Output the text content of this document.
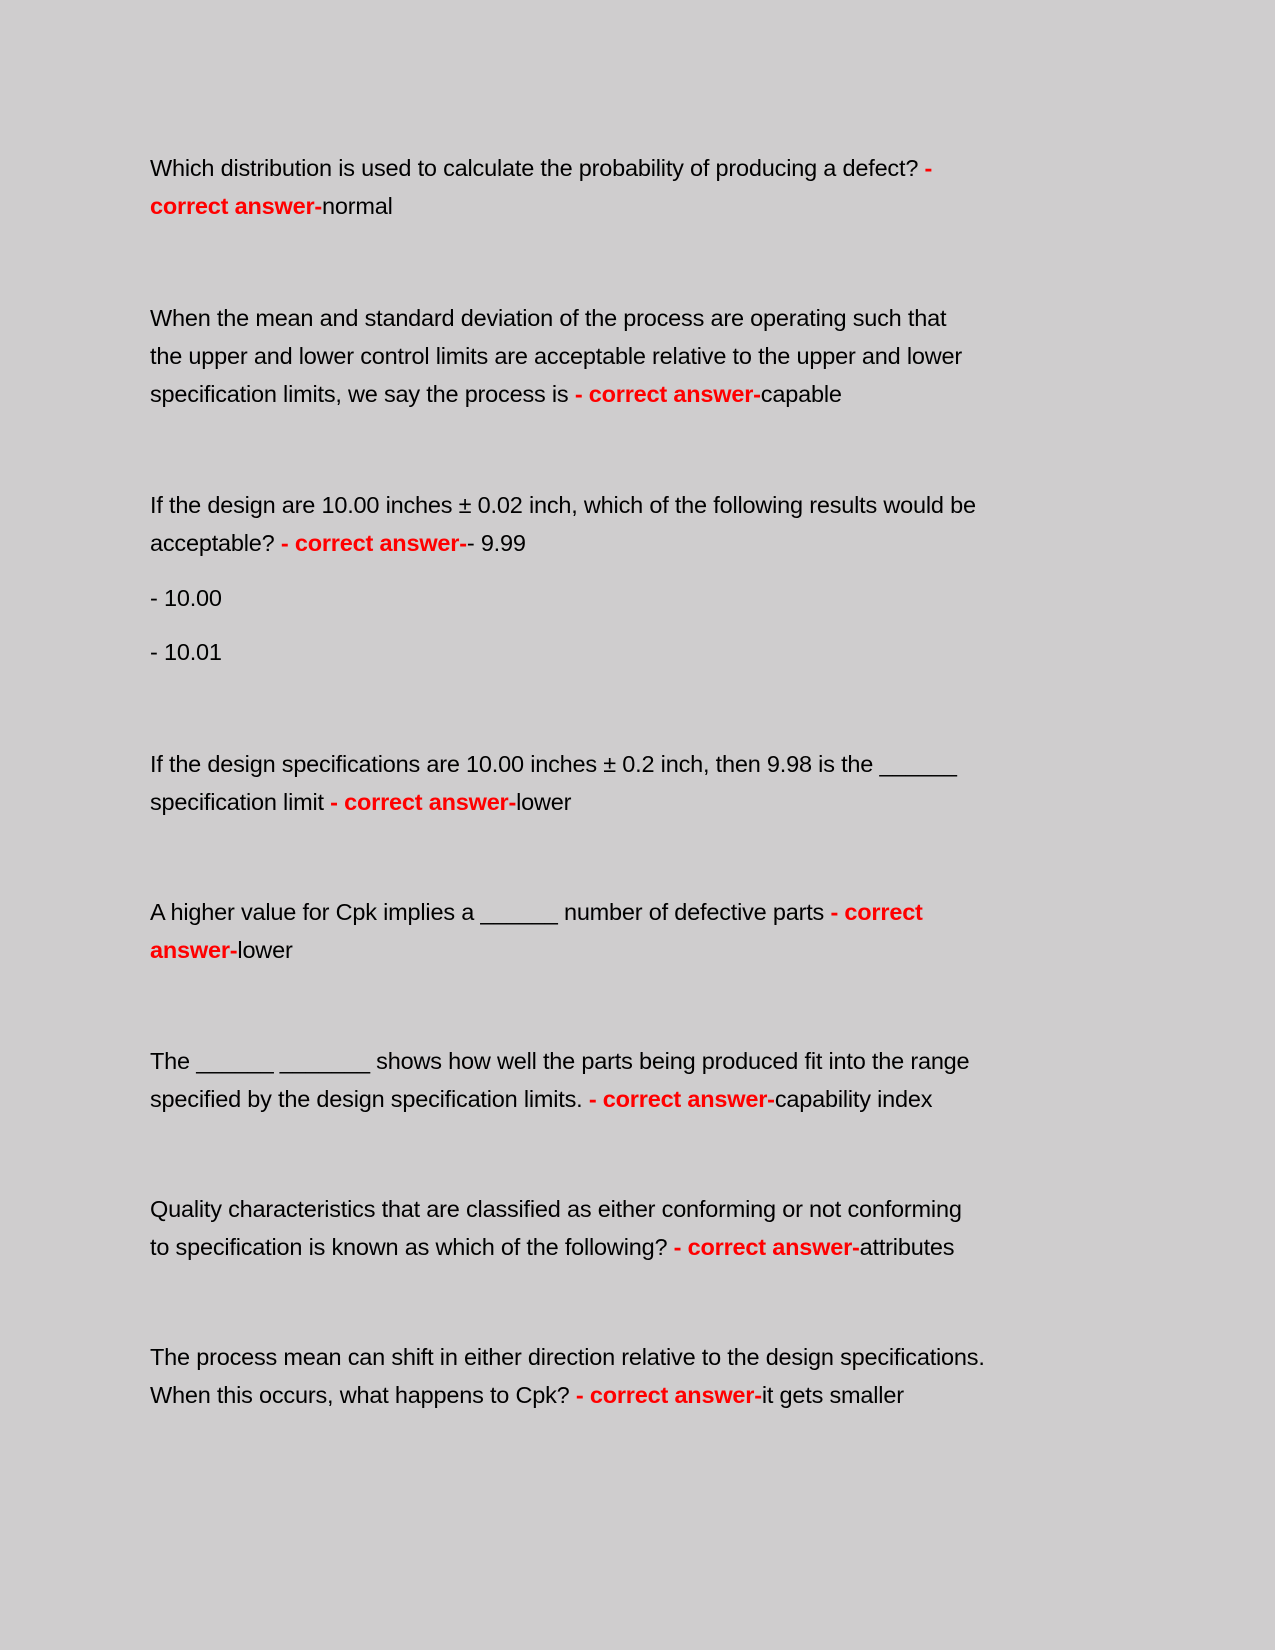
Which distribution is used to calculate the probability of producing a defect? -
correct answer-normal
When the mean and standard deviation of the process are operating such that
the upper and lower control limits are acceptable relative to the upper and lower
specification limits, we say the process is - correct answer-capable
If the design are 10.00 inches ± 0.02 inch, which of the following results would be
acceptable? - correct answer-- 9.99
- 10.00
- 10.01
If the design specifications are 10.00 inches ± 0.2 inch, then 9.98 is the ______
specification limit - correct answer-lower
A higher value for Cpk implies a ______ number of defective parts - correct
answer-lower
The ______ _______ shows how well the parts being produced fit into the range
specified by the design specification limits. - correct answer-capability index
Quality characteristics that are classified as either conforming or not conforming
to specification is known as which of the following? - correct answer-attributes
The process mean can shift in either direction relative to the design specifications.
When this occurs, what happens to Cpk? - correct answer-it gets smaller
